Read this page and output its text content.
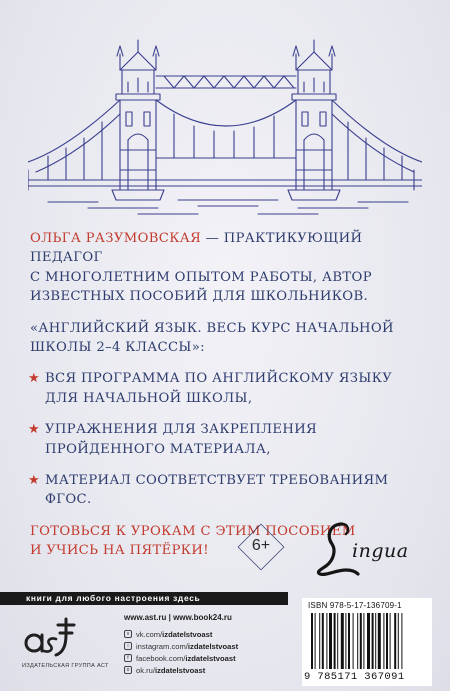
ОЛЬГА РАЗУМОВСКАЯ — ПРАКТИКУЮЩИЙ ПЕДАГОГ
С МНОГОЛЕТНИМ ОПЫТОМ РАБОТЫ, АВТОР
ИЗВЕСТНЫХ ПОСОБИЙ ДЛЯ ШКОЛЬНИКОВ.

«АНГЛИЙСКИЙ ЯЗЫК. ВЕСЬ КУРС НАЧАЛЬНОЙ
ШКОЛЫ 2–4 КЛАССЫ»:

★ ВСЯ ПРОГРАММА ПО АНГЛИЙСКОМУ ЯЗЫКУ
ДЛЯ НАЧАЛЬНОЙ ШКОЛЫ,
★ УПРАЖНЕНИЯ ДЛЯ ЗАКРЕПЛЕНИЯ
ПРОЙДЕННОГО МАТЕРИАЛА,
★ МАТЕРИАЛ СООТВЕТСТВУЕТ ТРЕБОВАНИЯМ ФГОС.

ГОТОВЬСЯ К УРОКАМ С ЭТИМ ПОСОБИЕМ
И УЧИСЬ НА ПЯТЁРКИ!	6+	ingua
книги для любого настроения здесь
ИЗДАТЕЛЬСКАЯ ГРУППА АСТ
www.ast.ru | www.book24.ru
v vk.com/ izdatelstvoast
○ instagram.com/ izdatelstvoast
f facebook.com/ izdatelstvoast
o ok.ru/ izdatelstvoast
ISBN 978-5-17-136709-1
9 785171 367091
